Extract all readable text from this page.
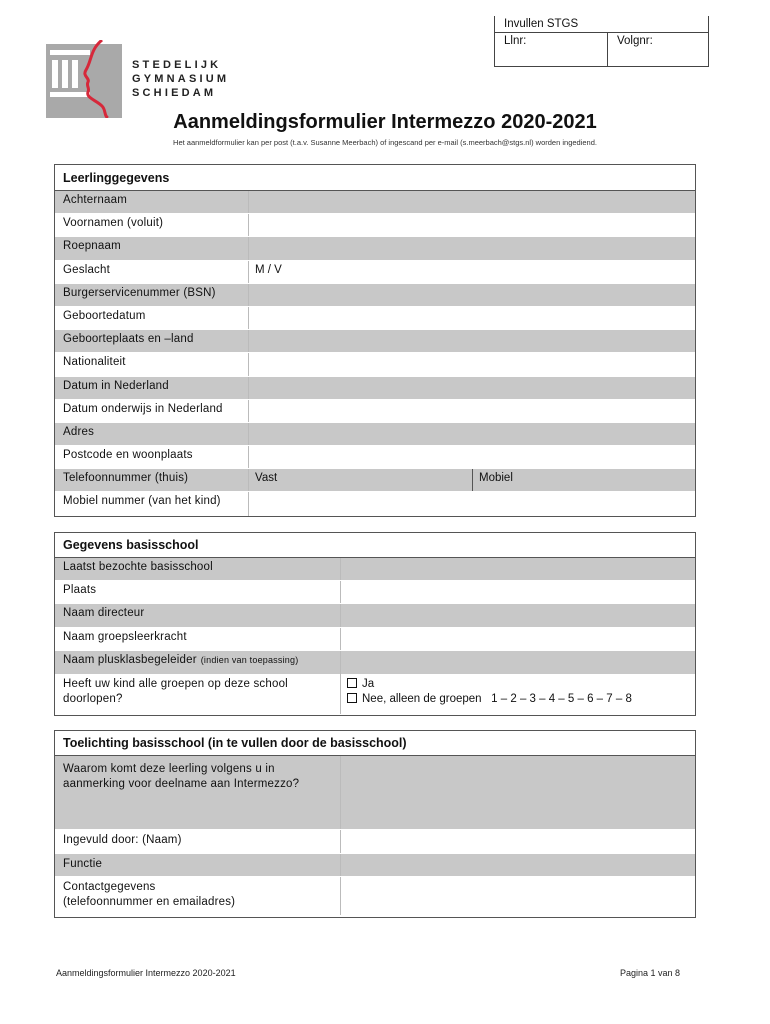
Invullen STGS
Llnr:	Volgnr:
STEDELIJK
GYMNASIUM
SCHIEDAM
Aanmeldingsformulier Intermezzo 2020-2021
Het aanmeldformulier kan per post (t.a.v. Susanne Meerbach) of ingescand per e-mail (s.meerbach@stgs.nl) worden ingediend.
Leerlinggegevens
Achternaam
Voornamen (voluit)
Roepnaam
Geslacht	M / V
Burgerservicenummer (BSN)
Geboortedatum
Geboorteplaats en –land
Nationaliteit
Datum in Nederland
Datum onderwijs in Nederland
Adres
Postcode en woonplaats
Telefoonnummer (thuis)	Vast	Mobiel
Mobiel nummer (van het kind)
Gegevens basisschool
Laatst bezochte basisschool
Plaats
Naam directeur
Naam groepsleerkracht
Naam plusklasbegeleider (indien van toepassing)
Heeft uw kind alle groepen op deze school
doorlopen?
Ja
Nee, alleen de groepen 1 – 2 – 3 – 4 – 5 – 6 – 7 – 8
Toelichting basisschool (in te vullen door de basisschool)
Waarom komt deze leerling volgens u in
aanmerking voor deelname aan Intermezzo?
Ingevuld door: (Naam)
Functie
Contactgegevens
(telefoonnummer en emailadres)
Aanmeldingsformulier Intermezzo 2020-2021	Pagina 1 van 8
